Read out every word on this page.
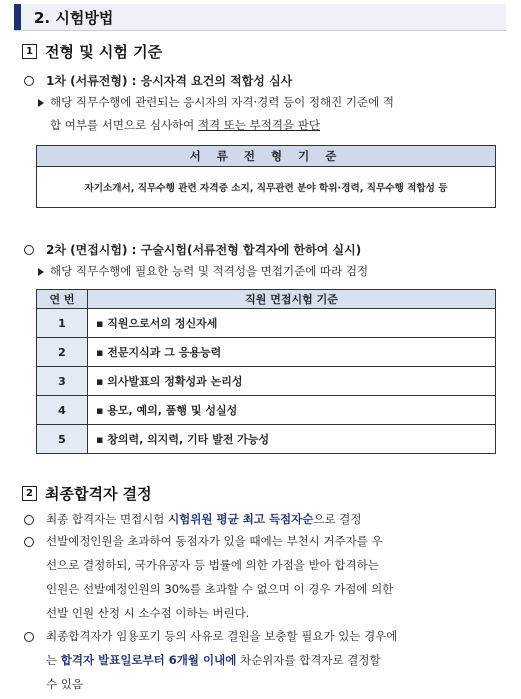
2. 시험방법
1 전형 및 시험 기준
1차 (서류전형) : 응시자격 요건의 적합성 심사
해당 직무수행에 관련되는 응시자의 자격·경력 등이 정해진 기준에 적
합 여부를 서면으로 심사하여 적격 또는 부적격을 판단
서 류 전 형 기 준
자기소개서, 직무수행 관련 자격증 소지, 직무관련 분야 학위·경력, 직무수행 적합성 등
2차 (면접시험) : 구술시험(서류전형 합격자에 한하여 실시)
해당 직무수행에 필요한 능력 및 적격성을 면접기준에 따라 검정
연 번	직원 면접시험 기준
1	▪ 직원으로서의 정신자세
2	▪ 전문지식과 그 응용능력
3	▪ 의사발표의 정확성과 논리성
4	▪ 용모, 예의, 품행 및 성실성
5	▪ 창의력, 의지력, 기타 발전 가능성
2 최종합격자 결정
최종 합격자는 면접시험 시험위원 평균 최고 득점자순으로 결정
선발예정인원을 초과하여 동점자가 있을 때에는 부천시 거주자를 우
선으로 결정하되, 국가유공자 등 법률에 의한 가점을 받아 합격하는
인원은 선발예정인원의 30%를 초과할 수 없으며 이 경우 가점에 의한
선발 인원 산정 시 소수점 이하는 버린다.
최종합격자가 임용포기 등의 사유로 결원을 보충할 필요가 있는 경우에
는 합격자 발표일로부터 6개월 이내에 차순위자를 합격자로 결정할
수 있음
